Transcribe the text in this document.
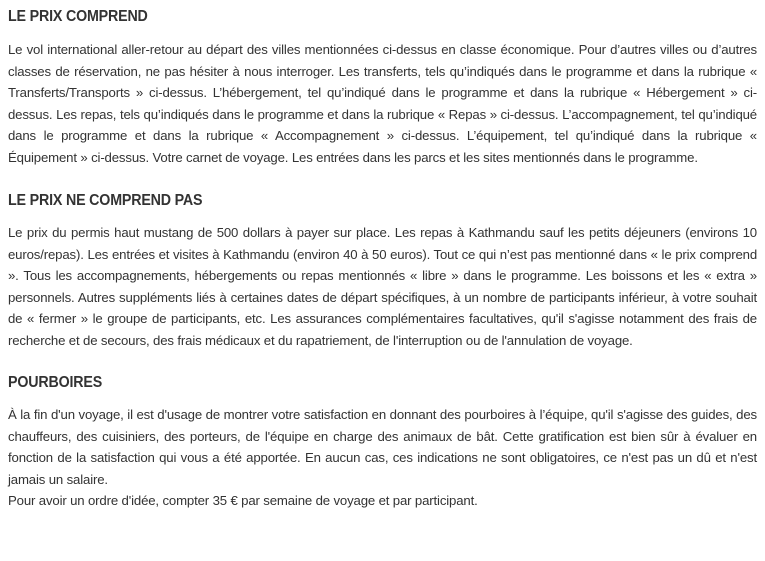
LE PRIX COMPREND

Le vol international aller-retour au départ des villes mentionnées ci-dessus en classe économique. Pour d’autres villes ou d’autres classes de réservation, ne pas hésiter à nous interroger. Les transferts, tels qu’indiqués dans le programme et dans la rubrique « Transferts/Transports » ci-dessus. L’hébergement, tel qu’indiqué dans le programme et dans la rubrique « Hébergement » ci-dessus. Les repas, tels qu’indiqués dans le programme et dans la rubrique « Repas » ci-dessus. L’accompagnement, tel qu’indiqué dans le programme et dans la rubrique « Accompagnement » ci-dessus. L’équipement, tel qu’indiqué dans la rubrique « Équipement » ci-dessus. Votre carnet de voyage. Les entrées dans les parcs et les sites mentionnés dans le programme.

LE PRIX NE COMPREND PAS

Le prix du permis haut mustang de 500 dollars à payer sur place. Les repas à Kathmandu sauf les petits déjeuners (environs 10 euros/repas). Les entrées et visites à Kathmandu (environ 40 à 50 euros). Tout ce qui n’est pas mentionné dans « le prix comprend ». Tous les accompagnements, hébergements ou repas mentionnés « libre » dans le programme. Les boissons et les « extra » personnels. Autres suppléments liés à certaines dates de départ spécifiques, à un nombre de participants inférieur, à votre souhait de « fermer » le groupe de participants, etc. Les assurances complémentaires facultatives, qu'il s'agisse notamment des frais de recherche et de secours, des frais médicaux et du rapatriement, de l'interruption ou de l'annulation de voyage.

POURBOIRES

À la fin d'un voyage, il est d'usage de montrer votre satisfaction en donnant des pourboires à l’équipe, qu'il s'agisse des guides, des chauffeurs, des cuisiniers, des porteurs, de l'équipe en charge des animaux de bât. Cette gratification est bien sûr à évaluer en fonction de la satisfaction qui vous a été apportée. En aucun cas, ces indications ne sont obligatoires, ce n'est pas un dû et n'est jamais un salaire.

Pour avoir un ordre d'idée, compter 35 € par semaine de voyage et par participant.
